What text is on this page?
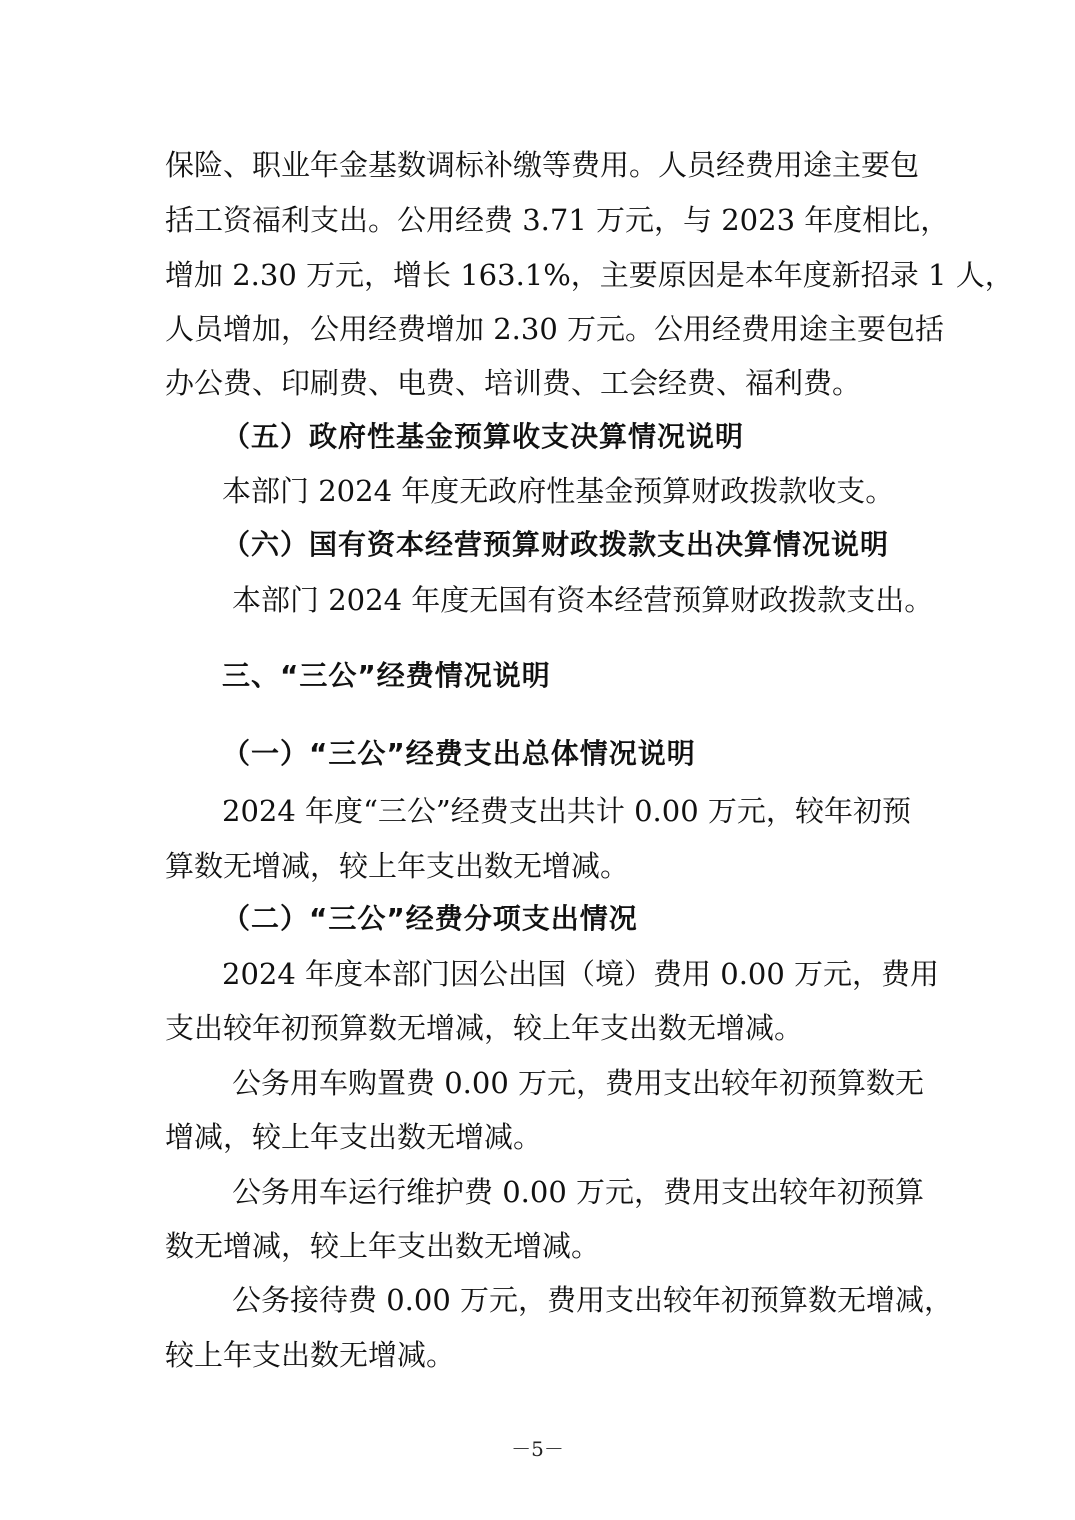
保险、职业年金基数调标补缴等费用。人员经费用途主要包

括工资福利支出。公用经费 3.71 万元，与 2023 年度相比，

增加 2.30 万元，增长 163.1%，主要原因是本年度新招录 1 人，

人员增加，公用经费增加 2.30 万元。公用经费用途主要包括

办公费、印刷费、电费、培训费、工会经费、福利费。

（五）政府性基金预算收支决算情况说明

本部门 2024 年度无政府性基金预算财政拨款收支。

（六）国有资本经营预算财政拨款支出决算情况说明

本部门 2024 年度无国有资本经营预算财政拨款支出。

三、“三公”经费情况说明

（一）“三公”经费支出总体情况说明

2024 年度“三公”经费支出共计 0.00 万元，较年初预

算数无增减，较上年支出数无增减。

（二）“三公”经费分项支出情况

2024 年度本部门因公出国（境）费用 0.00 万元，费用

支出较年初预算数无增减，较上年支出数无增减。

公务用车购置费 0.00 万元，费用支出较年初预算数无

增减，较上年支出数无增减。

公务用车运行维护费 0.00 万元，费用支出较年初预算

数无增减，较上年支出数无增减。

公务接待费 0.00 万元，费用支出较年初预算数无增减，

较上年支出数无增减。

－5－
